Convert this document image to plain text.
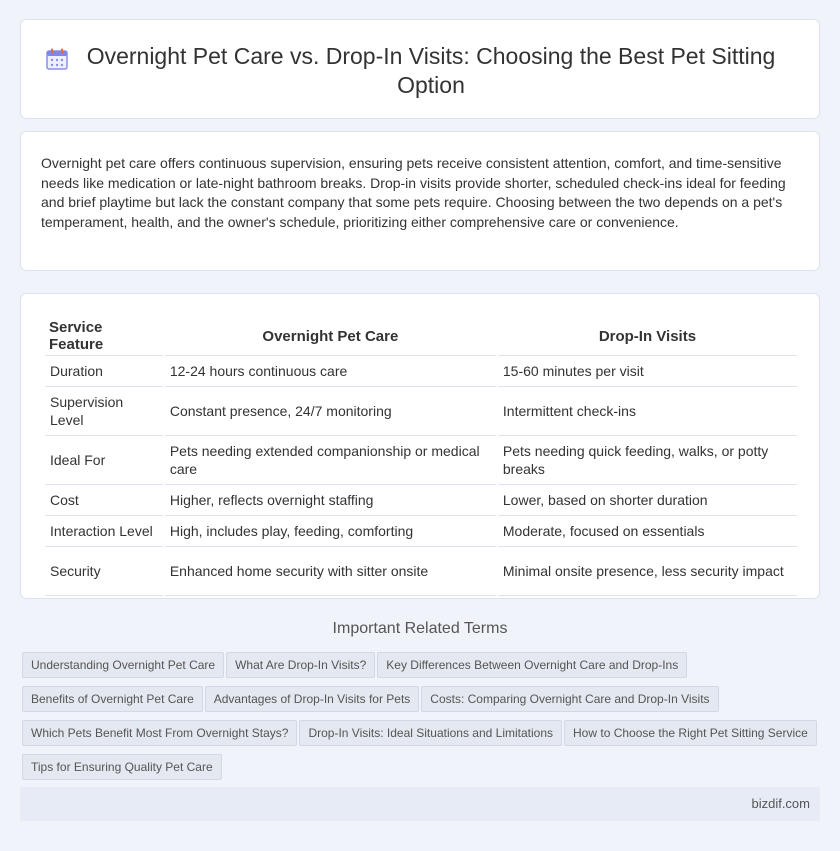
Overnight Pet Care vs. Drop-In Visits: Choosing the Best Pet Sitting Option

Overnight pet care offers continuous supervision, ensuring pets receive consistent attention, comfort, and time-sensitive needs like medication or late-night bathroom breaks. Drop-in visits provide shorter, scheduled check-ins ideal for feeding and brief playtime but lack the constant company that some pets require. Choosing between the two depends on a pet's temperament, health, and the owner's schedule, prioritizing either comprehensive care or convenience.

Service Feature	Overnight Pet Care	Drop-In Visits
Duration	12-24 hours continuous care	15-60 minutes per visit
Supervision Level	Constant presence, 24/7 monitoring	Intermittent check-ins
Ideal For	Pets needing extended companionship or medical care	Pets needing quick feeding, walks, or potty breaks
Cost	Higher, reflects overnight staffing	Lower, based on shorter duration
Interaction Level	High, includes play, feeding, comforting	Moderate, focused on essentials
Security	Enhanced home security with sitter onsite	Minimal onsite presence, less security impact
Important Related Terms
Understanding Overnight Pet Care What Are Drop-In Visits? Key Differences Between Overnight Care and Drop-Ins
Benefits of Overnight Pet Care Advantages of Drop-In Visits for Pets Costs: Comparing Overnight Care and Drop-In Visits
Which Pets Benefit Most From Overnight Stays? Drop-In Visits: Ideal Situations and Limitations How to Choose the Right Pet Sitting Service
Tips for Ensuring Quality Pet Care
bizdif.com
